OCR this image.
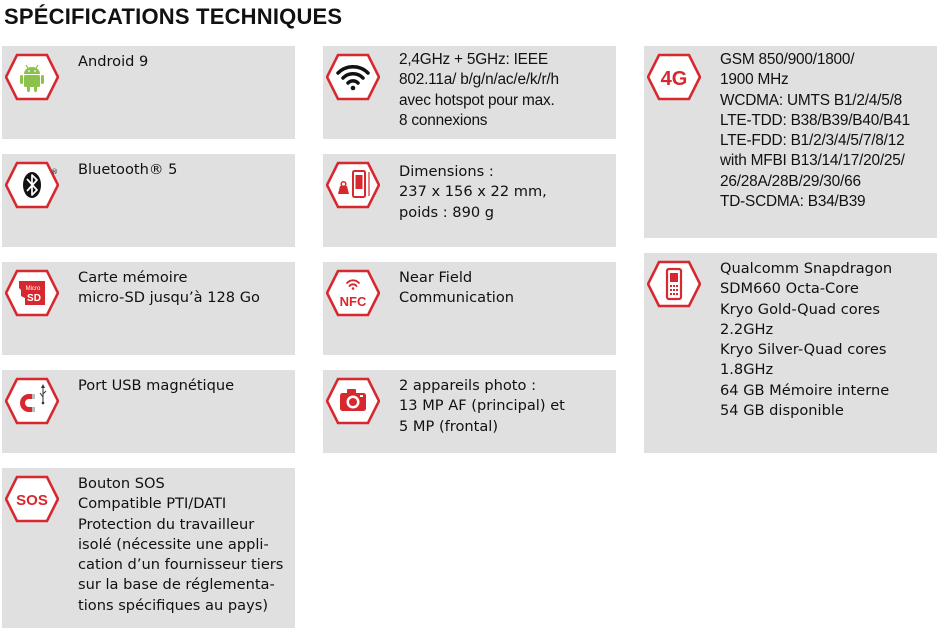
SPÉCIFICATIONS TECHNIQUES
Android 9
® Bluetooth® 5
Micro
SD
Carte mémoire
micro-SD jusqu’à 128 Go
Port USB magnétique
SOS
Bouton SOS
Compatible PTI/DATI
Protection du travailleur
isolé (nécessite une appli-
cation d’un fournisseur tiers
sur la base de réglementa-
tions spécifiques au pays)
2,4GHz + 5GHz: IEEE
802.11a/ b/g/n/ac/e/k/r/h
avec hotspot pour max.
8 connexions
Dimensions :
237 x 156 x 22 mm,
poids : 890 g
NFC
Near Field
Communication
2 appareils photo :
13 MP AF (principal) et
5 MP (frontal)
4G
GSM 850/900/1800/
1900 MHz
WCDMA: UMTS B1/2/4/5/8
LTE-TDD: B38/B39/B40/B41
LTE-FDD: B1/2/3/4/5/7/8/12
with MFBI B13/14/17/20/25/
26/28A/28B/29/30/66
TD-SCDMA: B34/B39
Qualcomm Snapdragon
SDM660 Octa-Core
Kryo Gold-Quad cores
2.2GHz
Kryo Silver-Quad cores
1.8GHz
64 GB Mémoire interne
54 GB disponible
